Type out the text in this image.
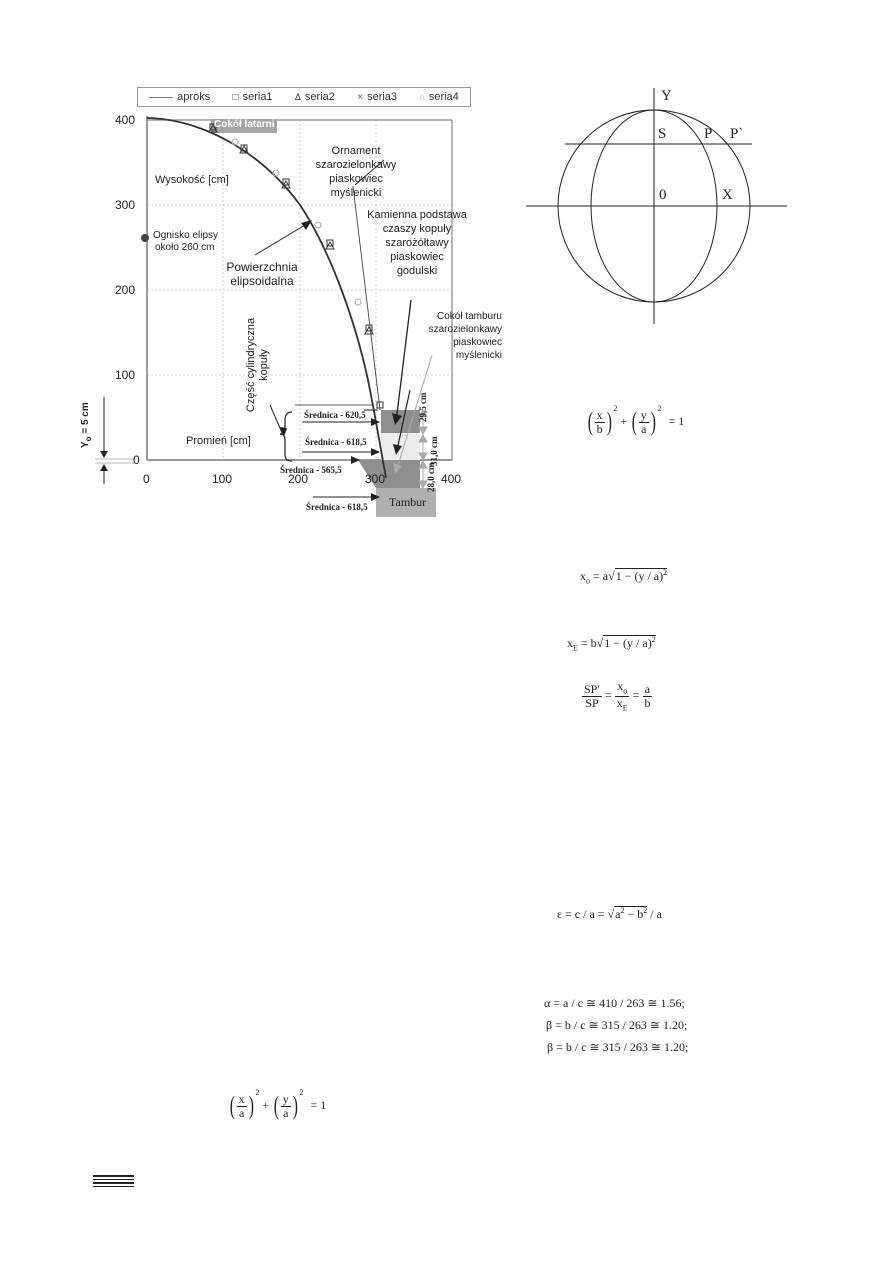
aproks □ seria1 Δ seria2 × seria3 ○ seria4
400
300
200
100
0
0	100	200	300	400
Wysokość [cm]
Promień [cm]
Cokół latarni
Ornament
szarozielonkawy
piaskowiec
myślenicki
Kamienna podstawa
czaszy kopuły
szarożółtawy
piaskowiec
godulski
Ognisko elipsy
około 260 cm
Powierzchnia
elipsoidalna
Cokół tamburu
szarozielonkawy
piaskowiec
myślenicki
Część cylindryczna kopuły
Średnica - 620,5
Średnica - 618,5
Średnica - 565,5
Średnica - 618,5 Tambur
29,5 cm
31,0 cm
28,0 cm
$Y_o = 5$ cm
Y
S	P P`
0	X
( $\frac{x}{b}$ ) $^2$ + ( $\frac{y}{a}$ ) $^2$ = 1
$x_o = a√1 - (y / a)^2$
$x_E = b√1 - (y / a)^2$
$\frac{SP'}{SP} = \frac{x_o}{x_E} = \frac{a}{b}$
$\varepsilon = c / a = √a^2 - b^2 / a$
α = a / c ≅ 410 / 263 ≅ 1.56;
β = b / c ≅ 315 / 263 ≅ 1.20;
β = b / c ≅ 315 / 263 ≅ 1.20;
( $\frac{x}{a}$ ) $^2$ + ( $\frac{y}{a}$ ) $^2$ = 1
